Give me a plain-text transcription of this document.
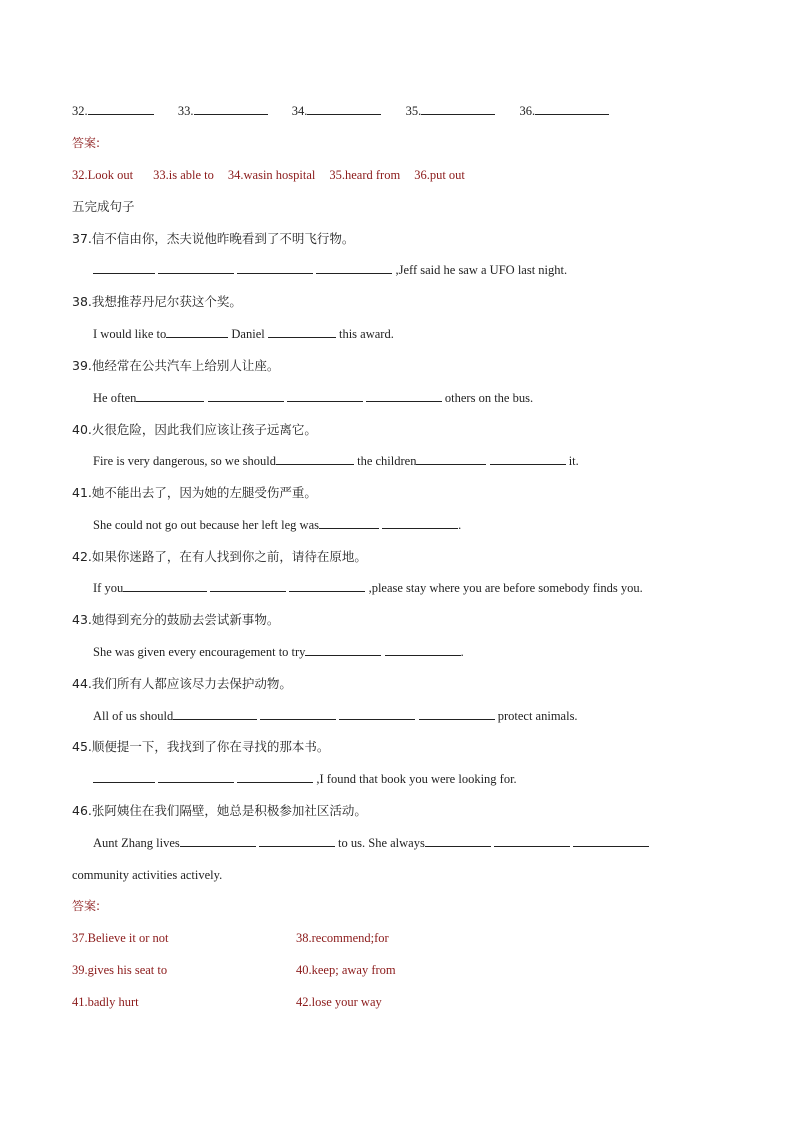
32.	33.	34.	35.	36.
答案:
32.Look out 33.is able to 34.wasin hospital 35.heard from 36.put out
五完成句子
37.信不信由你，杰夫说他昨晚看到了不明飞行物。
,Jeff said he saw a UFO last night.
38.我想推荐丹尼尔获这个奖。
I would like to	Daniel	this award.
39.他经常在公共汽车上给别人让座。
He often	others on the bus.
40.火很危险，因此我们应该让孩子远离它。
Fire is very dangerous, so we should	the children	it.
41.她不能出去了，因为她的左腿受伤严重。
She could not go out because her left leg was	.
42.如果你迷路了，在有人找到你之前，请待在原地。
If you	,please stay where you are before somebody finds you.
43.她得到充分的鼓励去尝试新事物。
She was given every encouragement to try	.
44.我们所有人都应该尽力去保护动物。
All of us should	protect animals.
45.顺便提一下，我找到了你在寻找的那本书。
,I found that book you were looking for.
46.张阿姨住在我们隔壁，她总是积极参加社区活动。
Aunt Zhang lives	to us. She always
community activities actively.
答案:
37.Believe it or not	38.recommend;for
39.gives his seat to	40.keep; away from
41.badly hurt	42.lose your way
